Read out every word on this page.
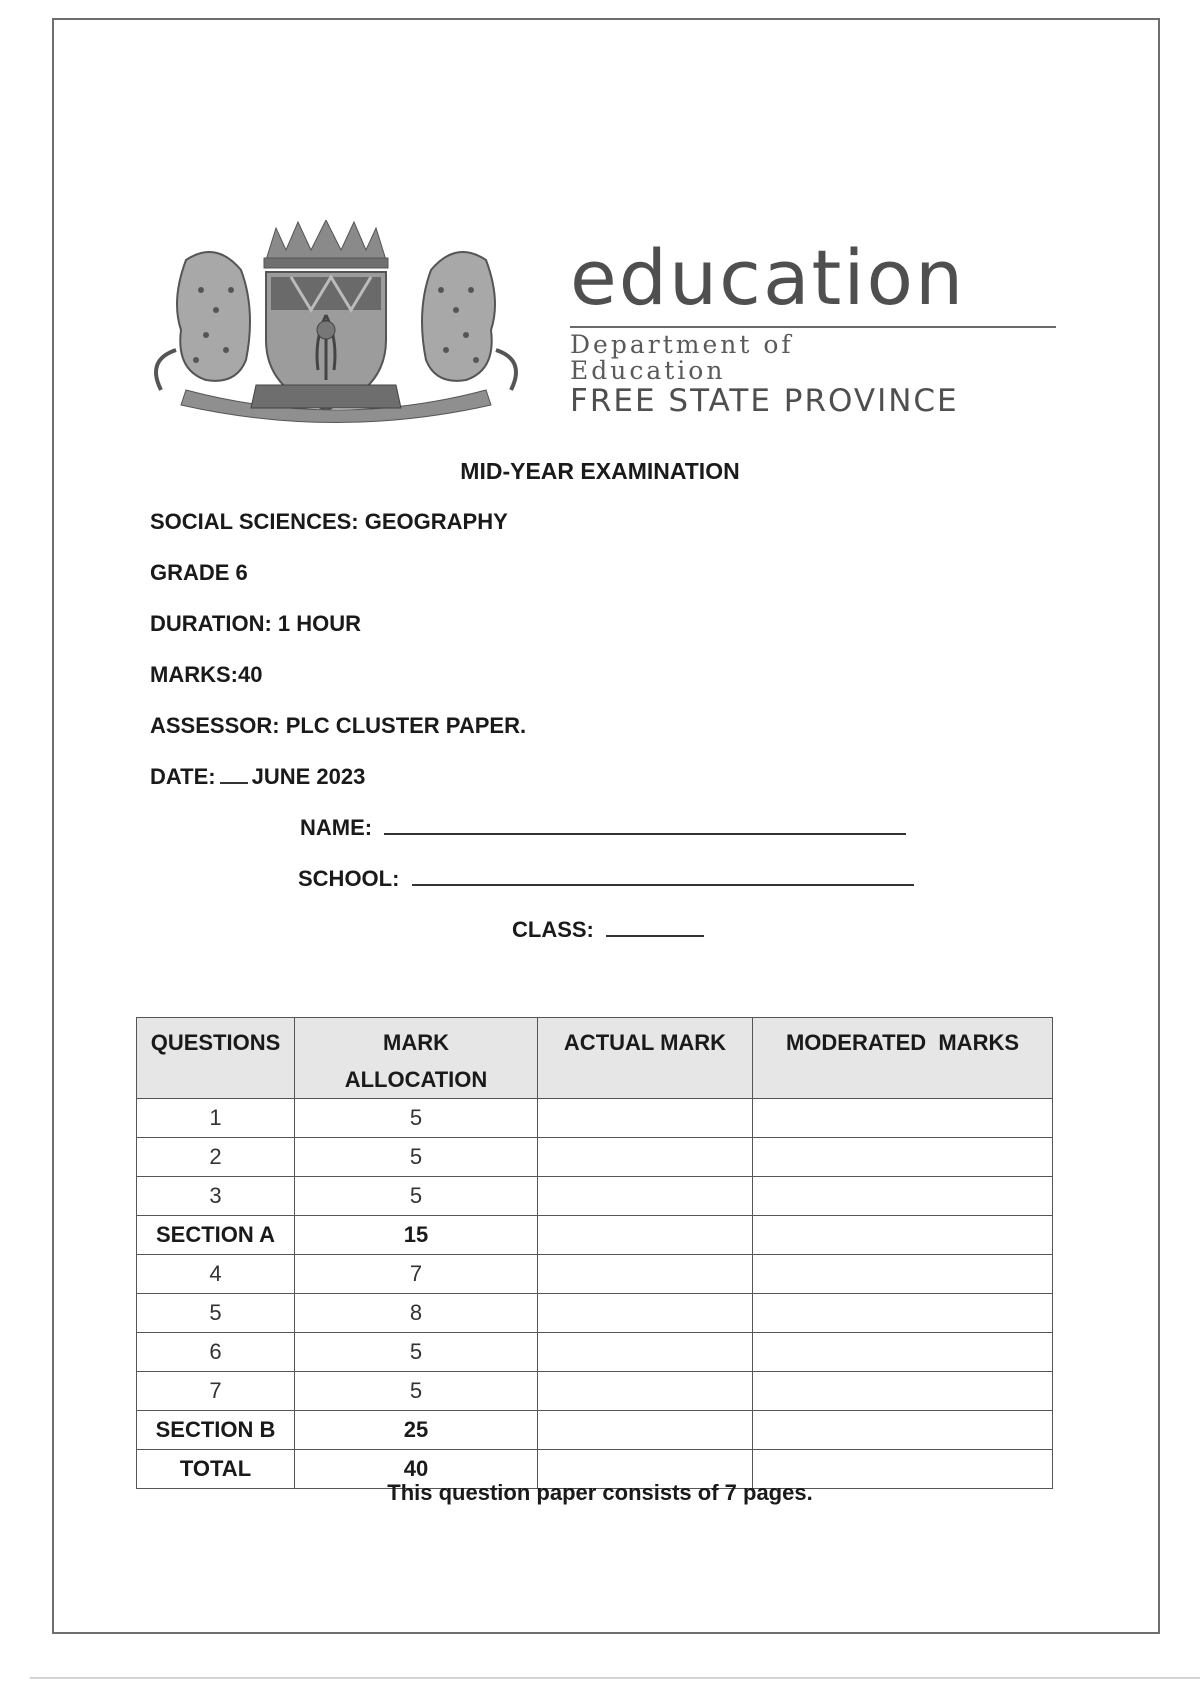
education
Department of
Education
FREE STATE PROVINCE
MID-YEAR EXAMINATION
SOCIAL SCIENCES: GEOGRAPHY
GRADE 6
DURATION: 1 HOUR
MARKS:40
ASSESSOR: PLC CLUSTER PAPER.
DATE: JUNE 2023
NAME:
SCHOOL:
CLASS:
QUESTIONS	MARK ALLOCATION	ACTUAL MARK	MODERATED  MARKS
1	5		
2	5		
3	5		
SECTION A	15		
4	7		
5	8		
6	5		
7	5		
SECTION B	25		
TOTAL	40		
This question paper consists of 7 pages.
